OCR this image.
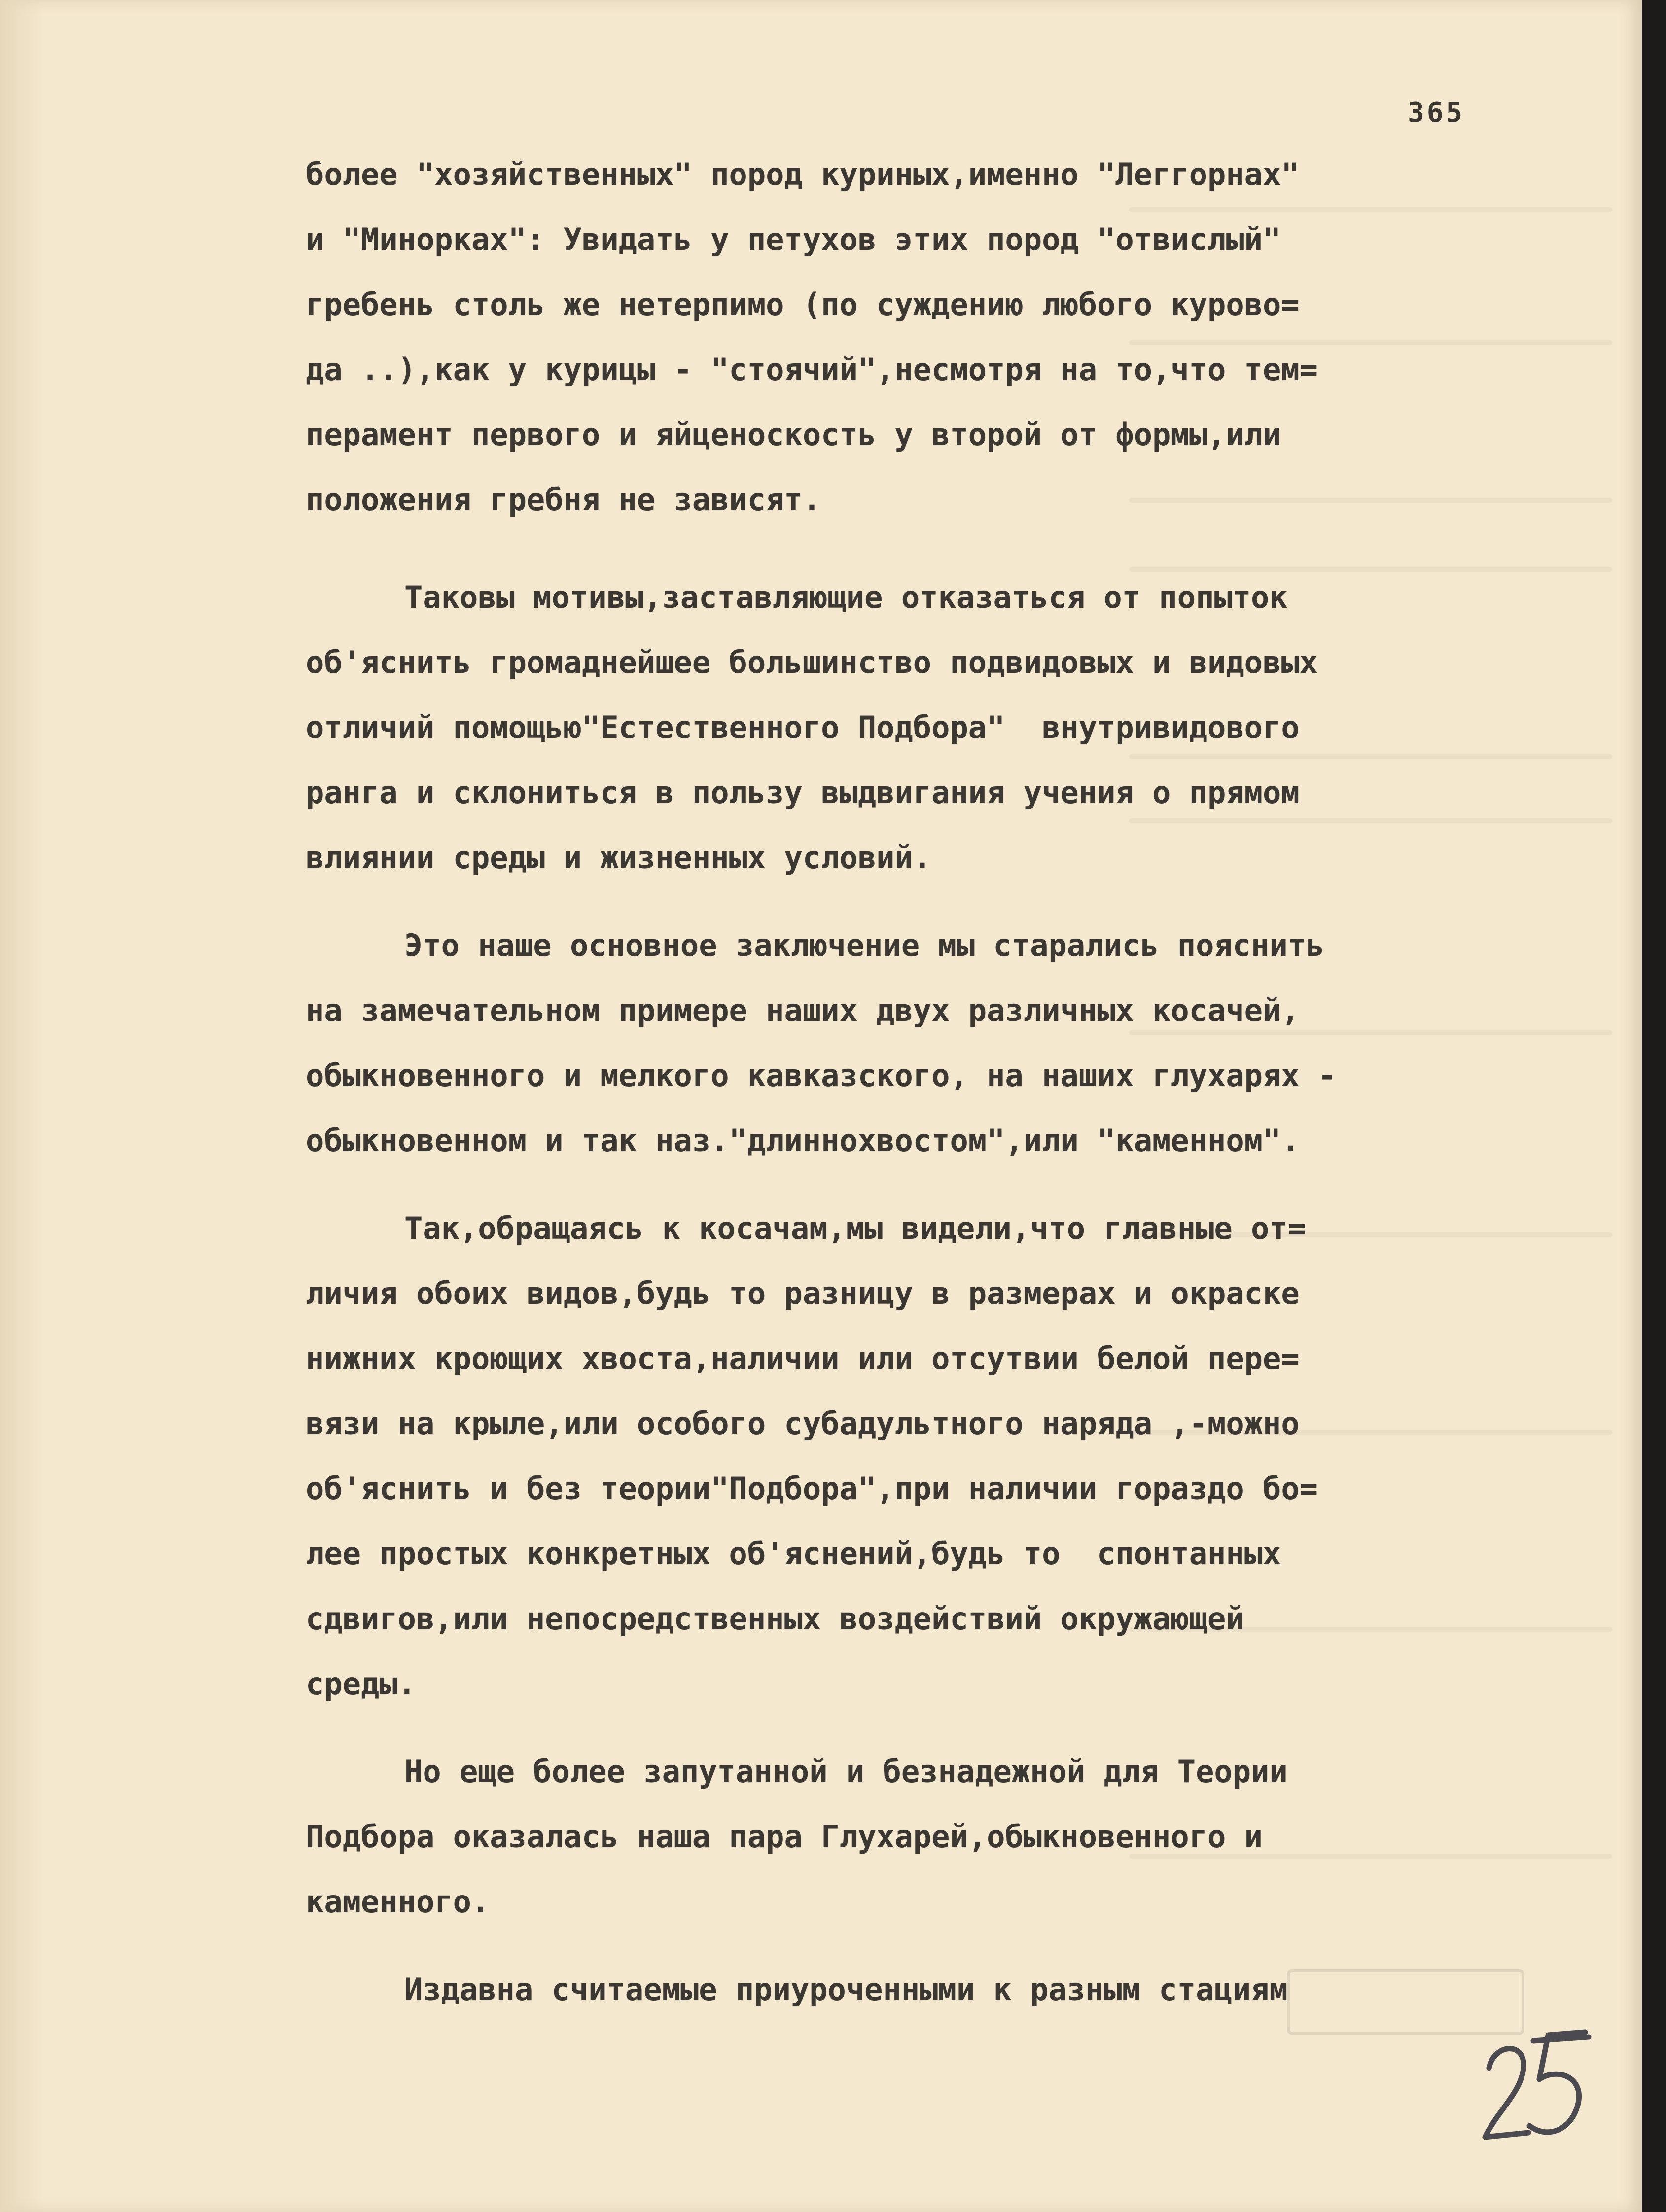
365

более "хозяйственных" пород куриных,именно "Леггорнах"
и "Минорках": Увидать у петухов этих пород "отвислый"
гребень столь же нетерпимо (по суждению любого курово=
да ..),как у курицы - "стоячий",несмотря на то,что тем=
перамент первого и яйценоскость у второй от формы,или
положения гребня не зависят.
Таковы мотивы,заставляющие отказаться от попыток
об'яснить громаднейшее большинство подвидовых и видовых
отличий помощью"Естественного Подбора"  внутривидового
ранга и склониться в пользу выдвигания учения о прямом
влиянии среды и жизненных условий.
Это наше основное заключение мы старались пояснить
на замечательном примере наших двух различных косачей,
обыкновенного и мелкого кавказского, на наших глухарях -
обыкновенном и так наз."длиннохвостом",или "каменном".
Так,обращаясь к косачам,мы видели,что главные от=
личия обоих видов,будь то разницу в размерах и окраске
нижних кроющих хвоста,наличии или отсутвии белой пере=
вязи на крыле,или особого субадультного наряда ,-можно
об'яснить и без теории"Подбора",при наличии гораздо бо=
лее простых конкретных об'яснений,будь то  спонтанных
сдвигов,или непосредственных воздействий окружающей
среды.
Но еще более запутанной и безнадежной для Теории
Подбора оказалась наша пара Глухарей,обыкновенного и
каменного.
Издавна считаемые приуроченными к разным стациям
